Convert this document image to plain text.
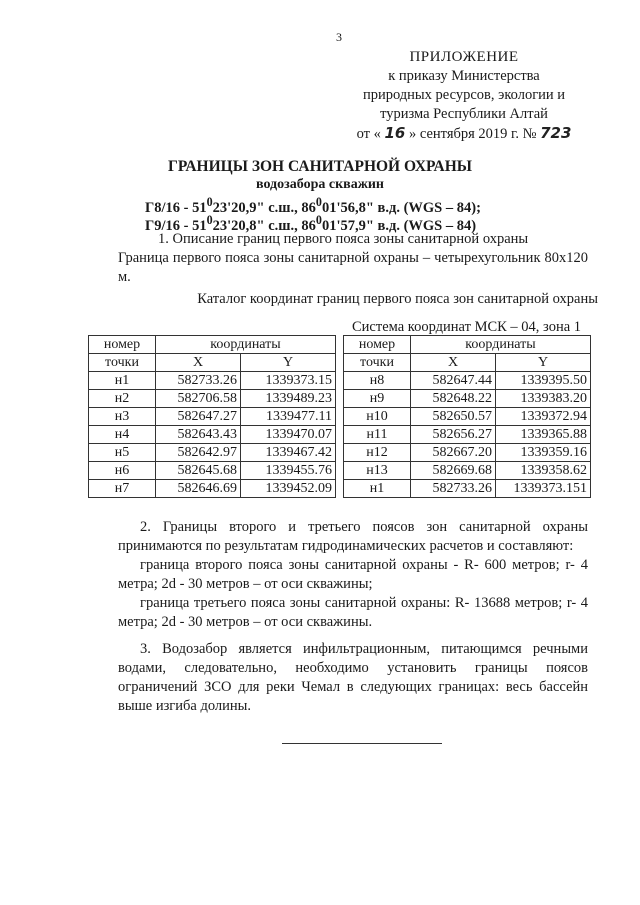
3
ПРИЛОЖЕНИЕ
к приказу Министерства
природных ресурсов, экологии и
туризма Республики Алтай
от « 16 » сентября 2019 г. № 723
ГРАНИЦЫ ЗОН САНИТАРНОЙ ОХРАНЫ
водозабора скважин
$Г8/16 - 51^023'20,9$" с.ш., $86^001'56,8$" в.д. (WGS – 84);
$Г9/16 - 51^023'20,8$" с.ш., $86^001'57,9$" в.д. (WGS – 84)
1. Описание границ первого пояса зоны санитарной охраны
Граница первого пояса зоны санитарной охраны – четырехугольник 80х120 м.
Каталог координат границ первого пояса зон санитарной охраны
Система координат МСК – 04, зона 1
номер	координаты	
точки	X	Y
н1	582733.26	1339373.15
н2	582706.58	1339489.23
н3	582647.27	1339477.11
н4	582643.43	1339470.07
н5	582642.97	1339467.42
н6	582645.68	1339455.76
н7	582646.69	1339452.09
номер	координаты	
точки	X	Y
н8	582647.44	1339395.50
н9	582648.22	1339383.20
н10	582650.57	1339372.94
н11	582656.27	1339365.88
н12	582667.20	1339359.16
н13	582669.68	1339358.62
н1	582733.26	1339373.151
2. Границы второго и третьего поясов зон санитарной охраны принимаются по результатам гидродинамических расчетов и составляют:
граница второго пояса зоны санитарной охраны - R- 600 метров; r- 4 метра; 2d - 30 метров – от оси скважины;
граница третьего пояса зоны санитарной охраны: R- 13688 метров; r- 4 метра; 2d - 30 метров – от оси скважины.
3. Водозабор является инфильтрационным, питающимся речными водами, следовательно, необходимо установить границы поясов ограничений ЗСО для реки Чемал в следующих границах: весь бассейн выше изгиба долины.
